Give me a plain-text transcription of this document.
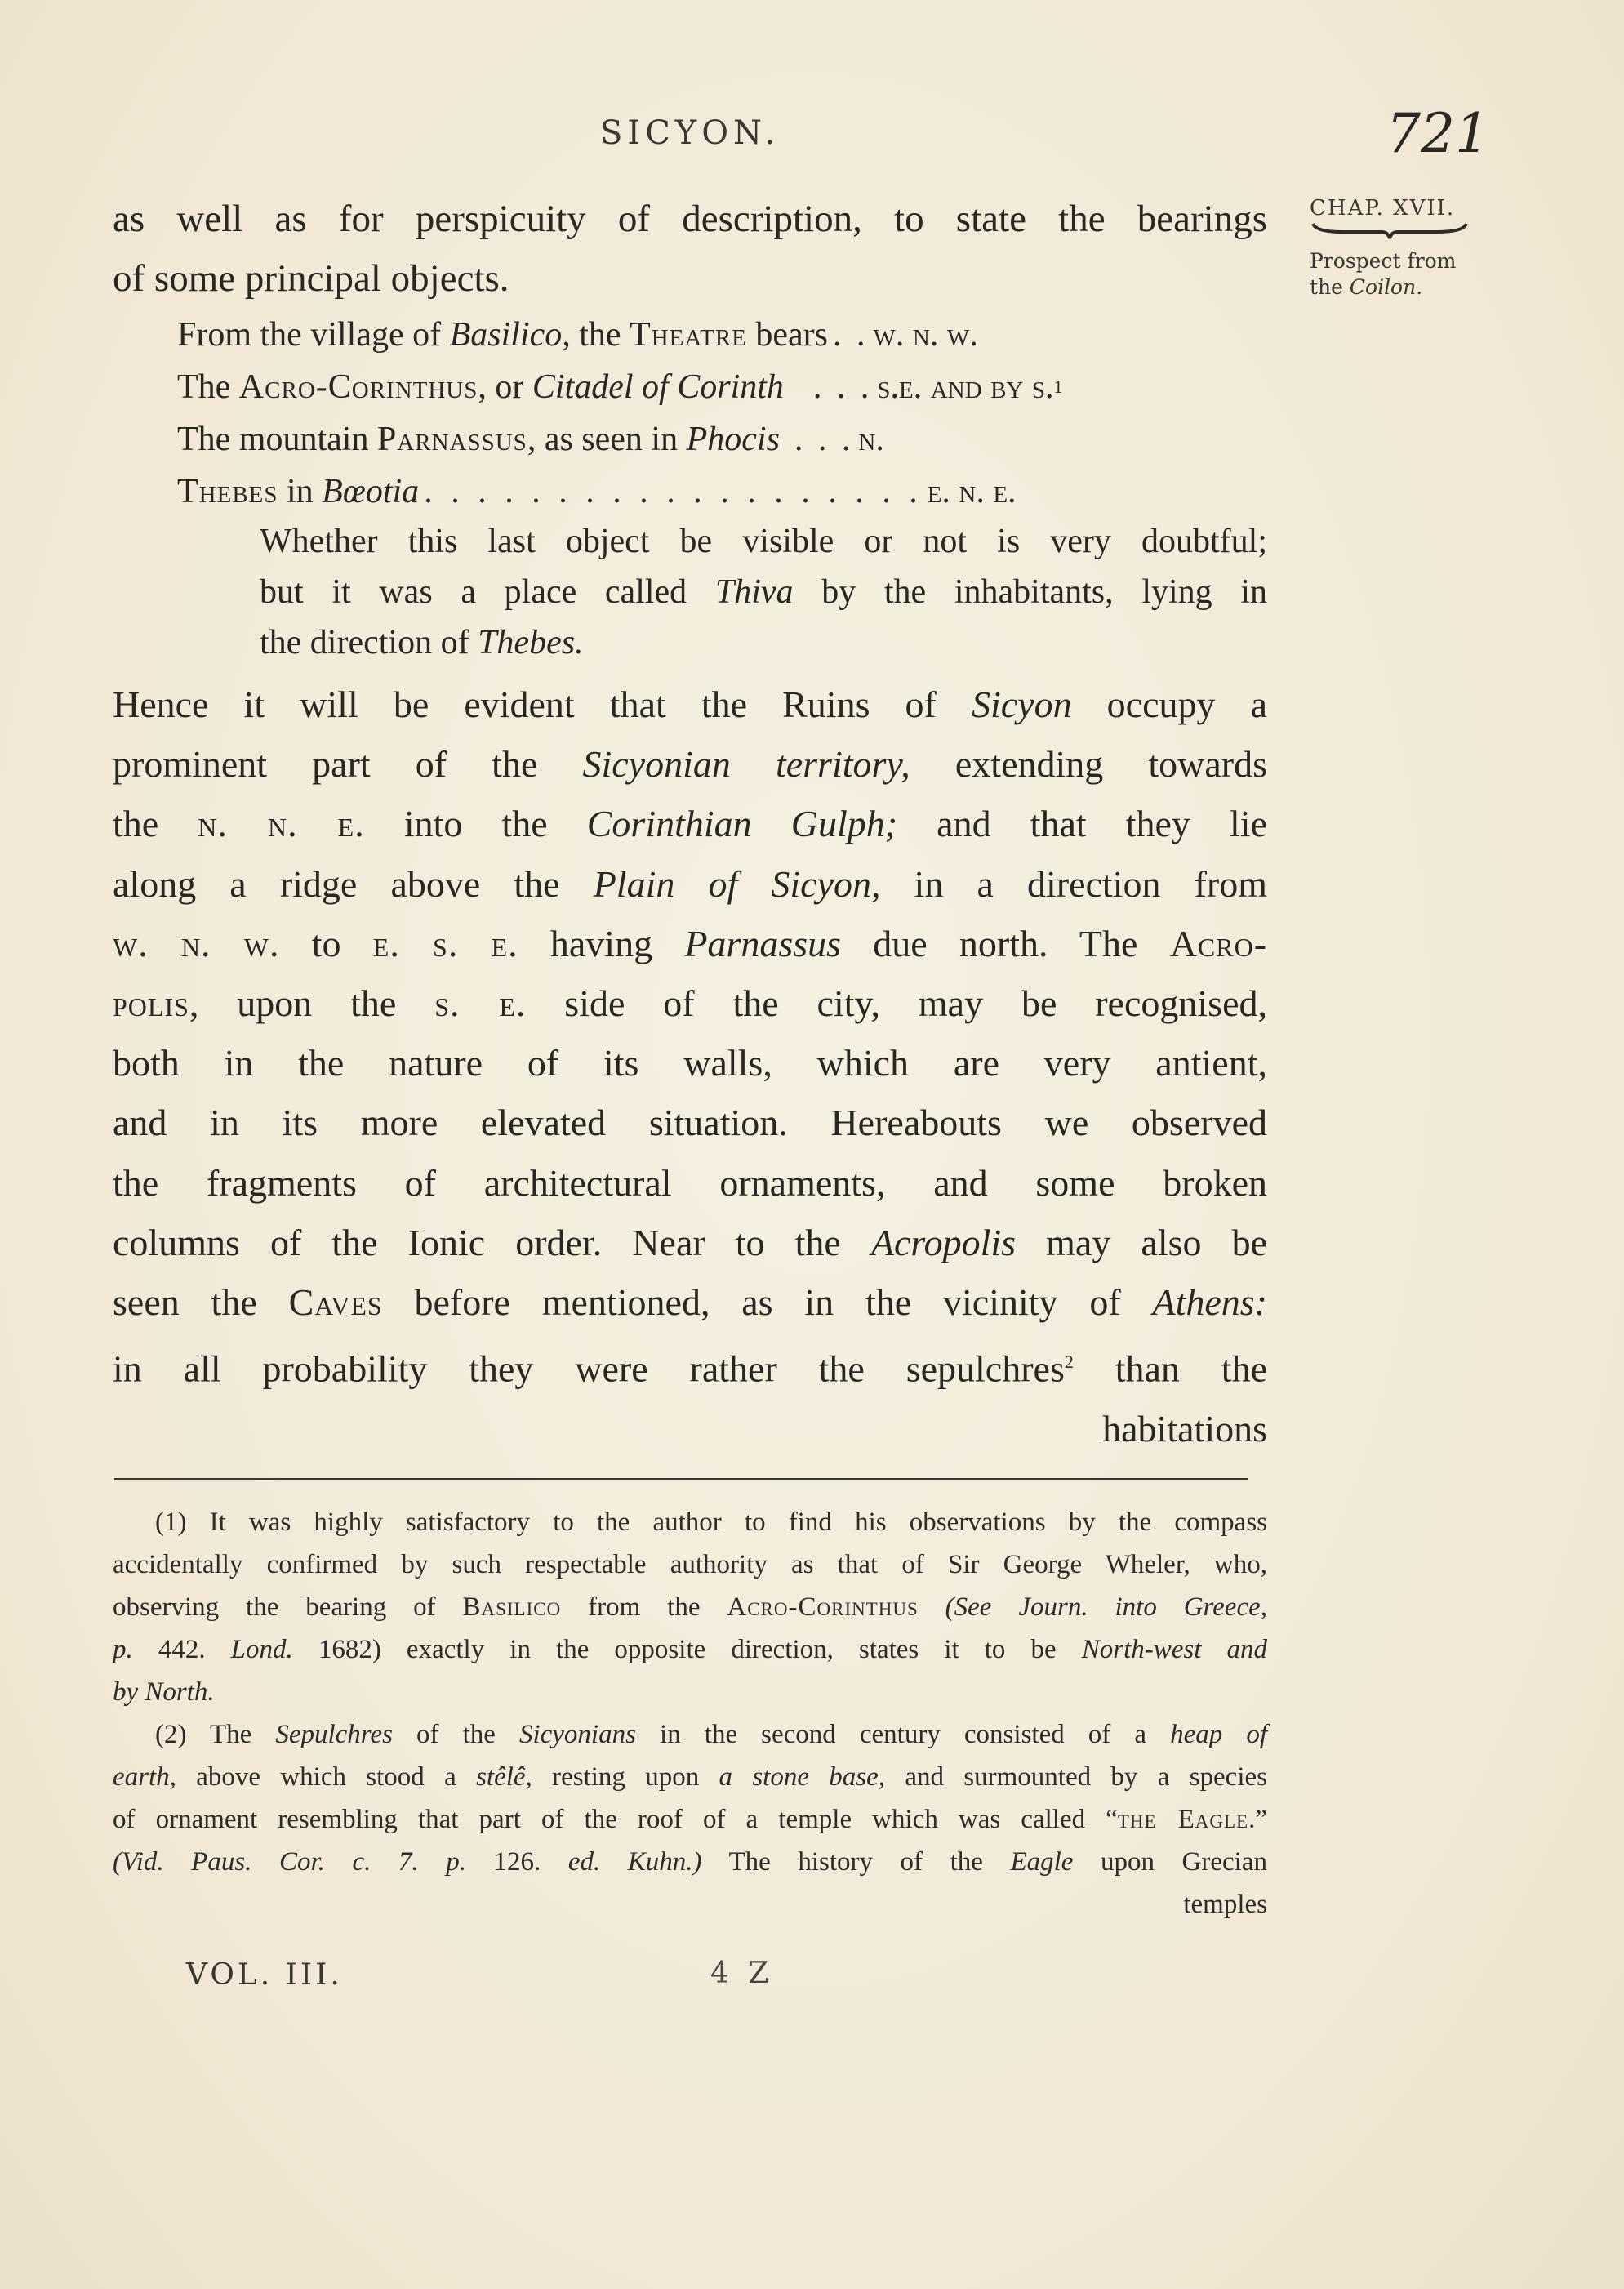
SICYON.	721
CHAP. XVII.
Prospect from
the Coilon.
as well as for perspicuity of description, to state the bearings
of some principal objects.
From the village of Basilico, the Theatre bears . . w. n. w.
The Acro-Corinthus, or Citadel of Corinth . . . s.e. and by s. 1
The mountain Parnassus, as seen in Phocis . . . n.
Thebes in Bœotia . . . . . . . . . . . . . . . . . . . e. n. e.
Whether this last object be visible or not is very doubtful;
but it was a place called Thiva by the inhabitants, lying in
the direction of Thebes.
Hence it will be evident that the Ruins of Sicyon occupy a
prominent part of the Sicyonian territory, extending towards
the n. n. e. into the Corinthian Gulph; and that they lie
along a ridge above the Plain of Sicyon, in a direction from
w. n. w. to e. s. e. having Parnassus due north. The Acro-
polis, upon the s. e. side of the city, may be recognised,
both in the nature of its walls, which are very antient,
and in its more elevated situation. Hereabouts we observed
the fragments of architectural ornaments, and some broken
columns of the Ionic order. Near to the Acropolis may also be
seen the Caves before mentioned, as in the vicinity of Athens:
in all probability they were rather the sepulchres$^2$ than the
habitations
(1) It was highly satisfactory to the author to find his observations by the compass
accidentally confirmed by such respectable authority as that of Sir George Wheler, who,
observing the bearing of Basilico from the Acro-Corinthus (See Journ. into Greece,
p. 442. Lond. 1682) exactly in the opposite direction, states it to be North-west and
by North.
(2) The Sepulchres of the Sicyonians in the second century consisted of a heap of
earth, above which stood a stêlê, resting upon a stone base, and surmounted by a species
of ornament resembling that part of the roof of a temple which was called “the Eagle.”
(Vid. Paus. Cor. c. 7. p. 126. ed. Kuhn.) The history of the Eagle upon Grecian
temples
VOL. III.	4 Z
